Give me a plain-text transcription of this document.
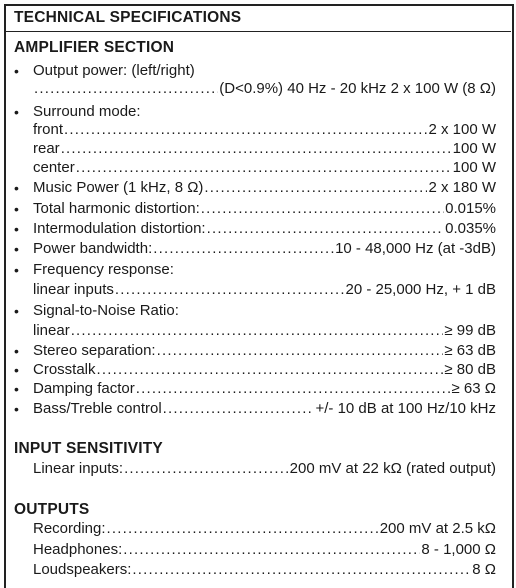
TECHNICAL SPECIFICATIONS
AMPLIFIER SECTION
• Output power: (left/right)
.....
(D<0.9%) 40 Hz - 20 kHz 2 x 100 W (8 Ω)
• Surround mode:
front .....	2 x 100 W
rear .....	100 W
center .....	100 W
• Music Power (1 kHz, 8 Ω) .....	2 x 180 W
• Total harmonic distortion: .....	0.015%
• Intermodulation distortion: .....	0.035%
• Power bandwidth: .....	10 - 48,000 Hz (at -3dB)
• Frequency response:
linear inputs .....	20 - 25,000 Hz, + 1 dB
• Signal-to-Noise Ratio:
linear .....	≥ 99 dB
• Stereo separation: .....	≥ 63 dB
• Crosstalk .....	≥ 80 dB
• Damping factor .....	≥ 63 Ω
• Bass/Treble control .....	+/- 10 dB at 100 Hz/10 kHz
INPUT SENSITIVITY
Linear inputs: .....	200 mV at 22 kΩ (rated output)
OUTPUTS
Recording: .....	200 mV at 2.5 kΩ
Headphones: .....	8 - 1,000 Ω
Loudspeakers: .....	8 Ω
